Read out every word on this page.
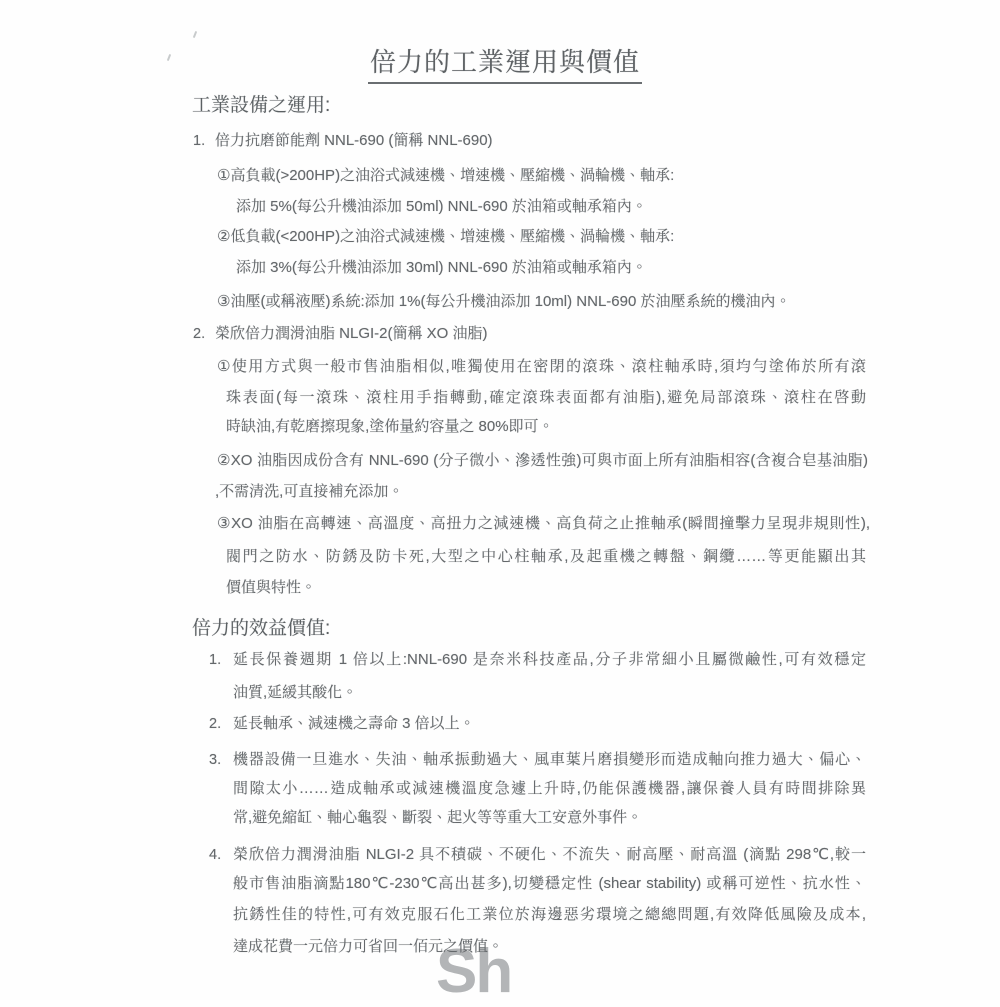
倍力的工業運用與價值
工業設備之運用:
1. 倍力抗磨節能劑 NNL-690 (簡稱 NNL-690)
①高負載(>200HP)之油浴式減速機、增速機、壓縮機、渦輪機、軸承:
添加 5%(每公升機油添加 50ml) NNL-690 於油箱或軸承箱內。
②低負載(<200HP)之油浴式減速機、增速機、壓縮機、渦輪機、軸承:
添加 3%(每公升機油添加 30ml) NNL-690 於油箱或軸承箱內。
③油壓(或稱液壓)系統:添加 1%(每公升機油添加 10ml) NNL-690 於油壓系統的機油內。
2. 榮欣倍力潤滑油脂 NLGI-2(簡稱 XO 油脂)
①使用方式與一般市售油脂相似,唯獨使用在密閉的滾珠、滾柱軸承時,須均勻塗佈於所有滾
珠表面(每一滾珠、滾柱用手指轉動,確定滾珠表面都有油脂),避免局部滾珠、滾柱在啓動
時缺油,有乾磨擦現象,塗佈量約容量之 80%即可。
②XO 油脂因成份含有 NNL-690 (分子微小、滲透性強)可與市面上所有油脂相容(含複合皂基油脂)
,不需清洗,可直接補充添加。
③XO 油脂在高轉速、高溫度、高扭力之減速機、高負荷之止推軸承(瞬間撞擊力呈現非規則性),
閥門之防水、防銹及防卡死,大型之中心柱軸承,及起重機之轉盤、鋼纜……等更能顯出其
價值與特性。
倍力的效益價值:
1. 延長保養週期 1 倍以上:NNL-690 是奈米科技產品,分子非常細小且屬微鹼性,可有效穩定
油質,延緩其酸化。
2. 延長軸承、減速機之壽命 3 倍以上。
3. 機器設備一旦進水、失油、軸承振動過大、風車葉片磨損變形而造成軸向推力過大、偏心、
間隙太小……造成軸承或減速機溫度急遽上升時,仍能保護機器,讓保養人員有時間排除異
常,避免縮缸、軸心龜裂、斷裂、起火等等重大工安意外事件。
4. 榮欣倍力潤滑油脂 NLGI-2 具不積碳、不硬化、不流失、耐高壓、耐高溫 (滴點 298℃,較一
般市售油脂滴點180℃-230℃高出甚多),切變穩定性 (shear stability) 或稱可逆性、抗水性、
抗銹性佳的特性,可有效克服石化工業位於海邊惡劣環境之總總問題,有效降低風險及成本,
達成花費一元倍力可省回一佰元之價值。
Sh
